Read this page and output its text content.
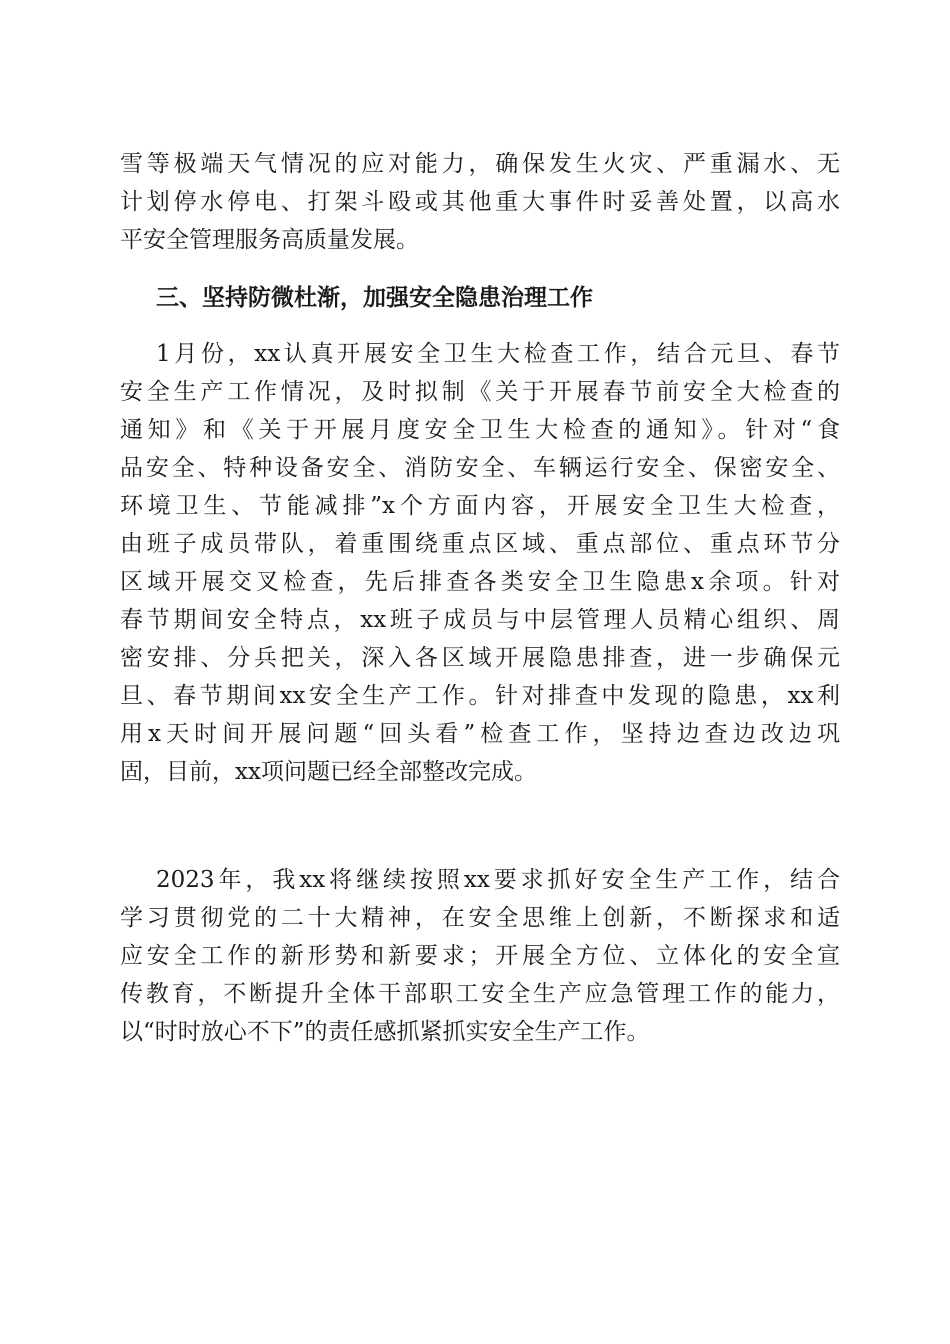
雪等极端天气情况的应对能力，确保发生火灾、严重漏水、无
计划停水停电、打架斗殴或其他重大事件时妥善处置，以高水
平安全管理服务高质量发展。
三、坚持防微杜渐，加强安全隐患治理工作
1月份，xx认真开展安全卫生大检查工作，结合元旦、春节
安全生产工作情况，及时拟制《关于开展春节前安全大检查的
通知》和《关于开展月度安全卫生大检查的通知》。针对“食
品安全、特种设备安全、消防安全、车辆运行安全、保密安全、
环境卫生、节能减排”x个方面内容，开展安全卫生大检查，
由班子成员带队，着重围绕重点区域、重点部位、重点环节分
区域开展交叉检查，先后排查各类安全卫生隐患x余项。针对
春节期间安全特点，xx班子成员与中层管理人员精心组织、周
密安排、分兵把关，深入各区域开展隐患排查，进一步确保元
旦、春节期间xx安全生产工作。针对排查中发现的隐患，xx利
用x天时间开展问题“回头看”检查工作，坚持边查边改边巩
固，目前，xx项问题已经全部整改完成。
2023年，我xx将继续按照xx要求抓好安全生产工作，结合
学习贯彻党的二十大精神，在安全思维上创新，不断探求和适
应安全工作的新形势和新要求；开展全方位、立体化的安全宣
传教育，不断提升全体干部职工安全生产应急管理工作的能力，
以“时时放心不下”的责任感抓紧抓实安全生产工作。
